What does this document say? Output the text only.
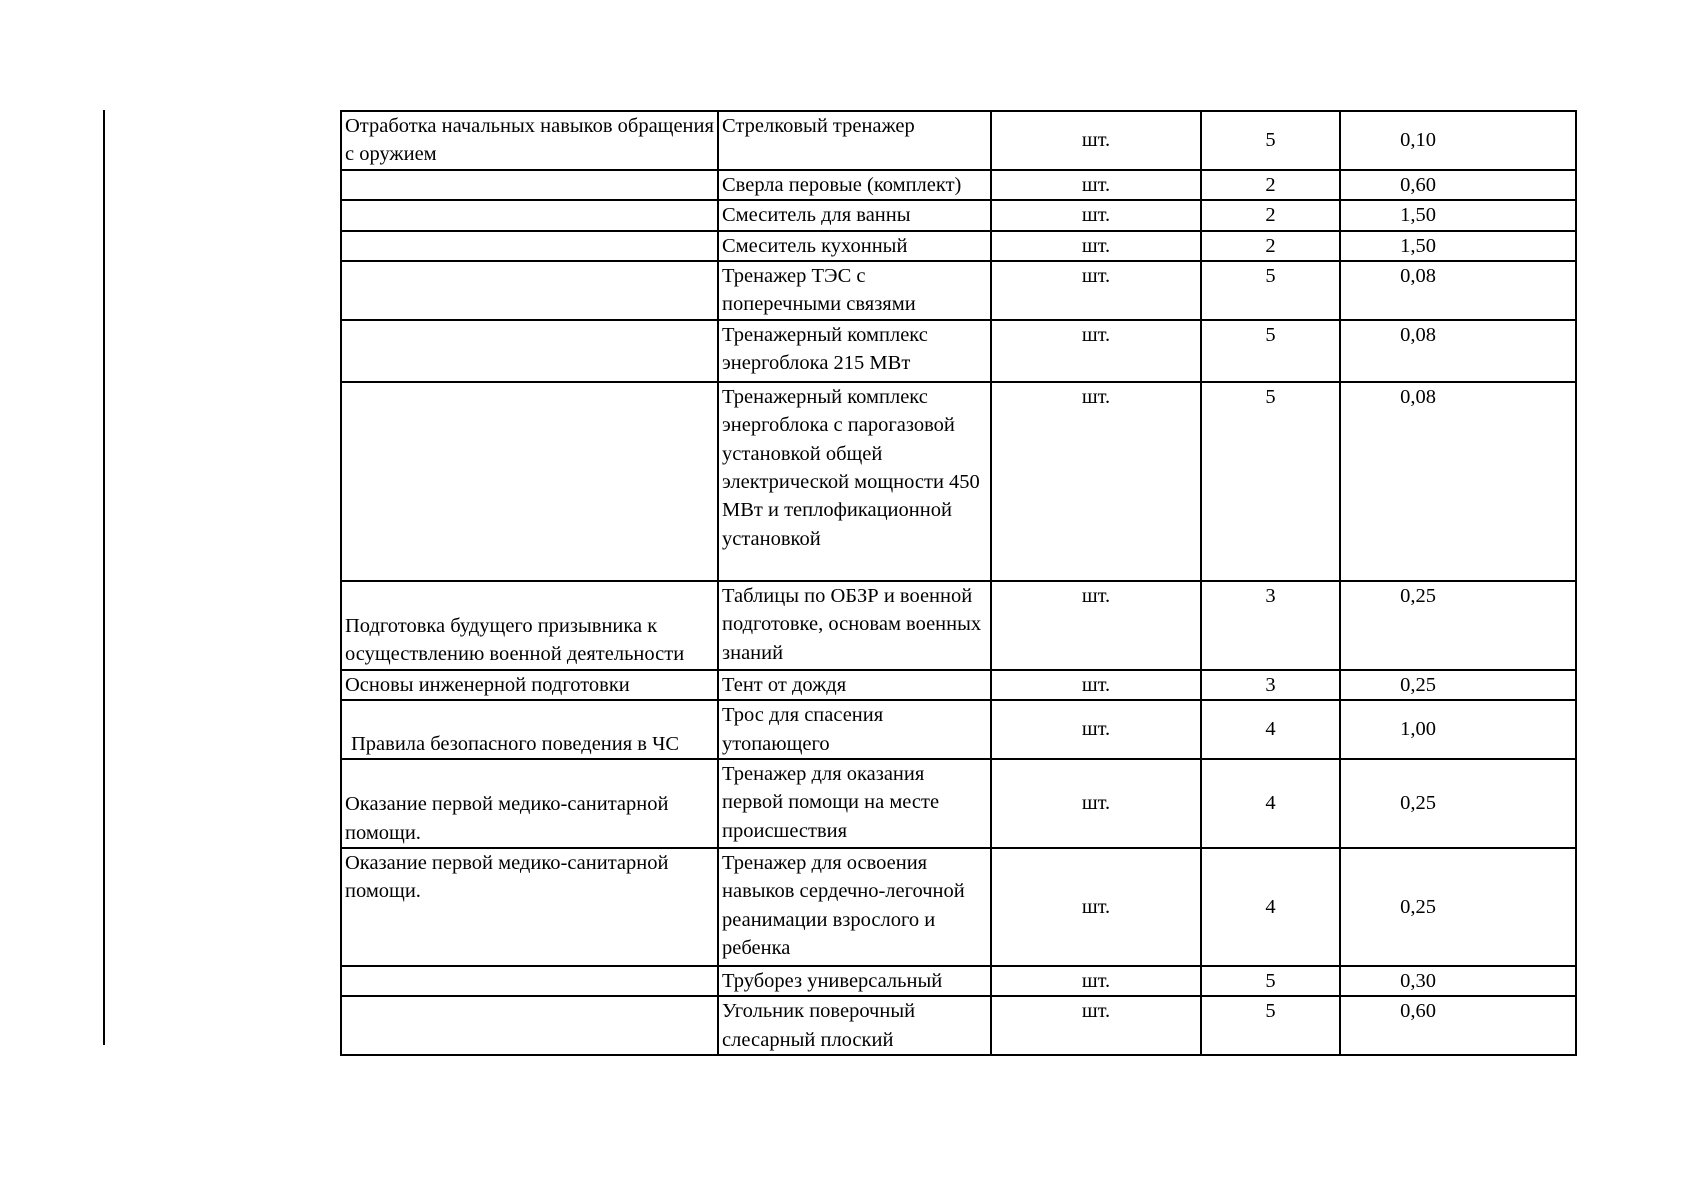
Отработка начальных навыков обращения с оружием	Стрелковый тренажер	шт.	5	0,10
	Сверла перовые (комплект)	шт.	2	0,60
	Смеситель для ванны	шт.	2	1,50
	Смеситель кухонный	шт.	2	1,50
	Тренажер ТЭС с поперечными связями	шт.	5	0,08
	Тренажерный комплекс энергоблока 215 МВт	шт.	5	0,08
	Тренажерный комплекс энергоблока с парогазовой установкой общей электрической мощности 450 МВт и теплофикационной установкой	шт.	5	0,08
Подготовка будущего призывника к осуществлению военной деятельности	Таблицы по ОБЗР и военной подготовке, основам военных знаний	шт.	3	0,25
Основы инженерной подготовки	Тент от дождя	шт.	3	0,25
Правила безопасного поведения в ЧС	Трос для спасения утопающего	шт.	4	1,00
Оказание первой медико-санитарной помощи.	Тренажер для оказания первой помощи на месте происшествия	шт.	4	0,25
Оказание первой медико-санитарной помощи.	Тренажер для освоения навыков сердечно-легочной реанимации взрослого и ребенка	шт.	4	0,25
	Труборез универсальный	шт.	5	0,30
	Угольник поверочный слесарный плоский	шт.	5	0,60
